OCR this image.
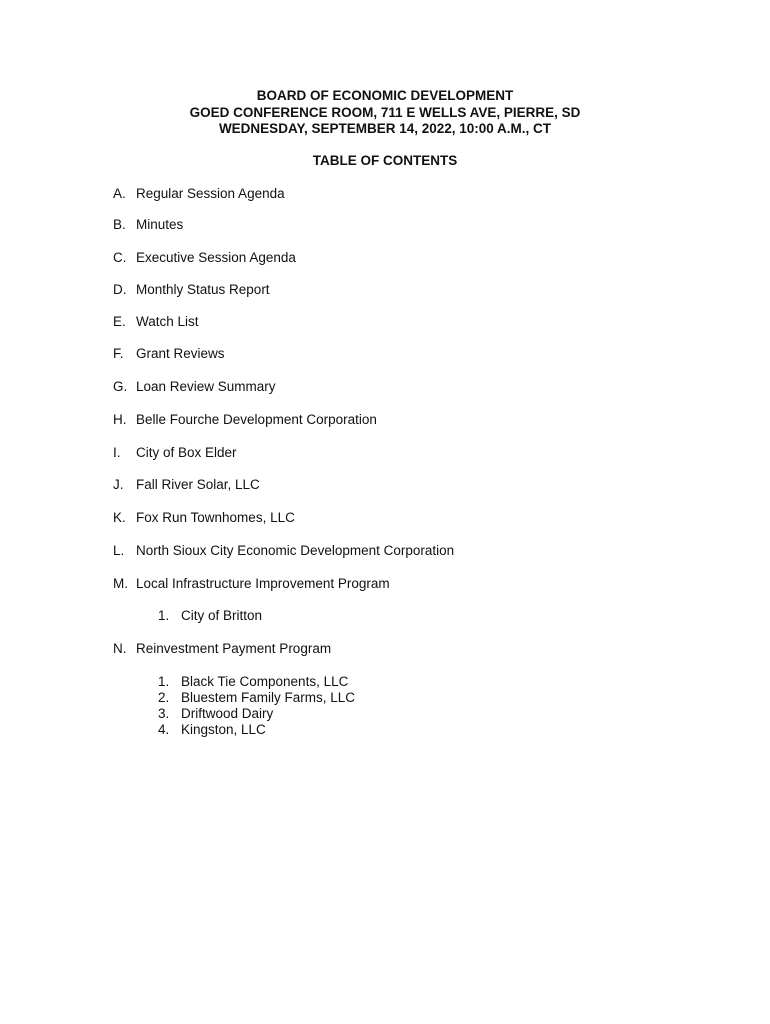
BOARD OF ECONOMIC DEVELOPMENT
GOED CONFERENCE ROOM, 711 E WELLS AVE, PIERRE, SD
WEDNESDAY, SEPTEMBER 14, 2022, 10:00 A.M., CT
TABLE OF CONTENTS
A. Regular Session Agenda
B. Minutes
C. Executive Session Agenda
D. Monthly Status Report
E. Watch List
F. Grant Reviews
G. Loan Review Summary
H. Belle Fourche Development Corporation
I. City of Box Elder
J. Fall River Solar, LLC
K. Fox Run Townhomes, LLC
L. North Sioux City Economic Development Corporation
M. Local Infrastructure Improvement Program
1. City of Britton
N. Reinvestment Payment Program
1. Black Tie Components, LLC
2. Bluestem Family Farms, LLC
3. Driftwood Dairy
4. Kingston, LLC
